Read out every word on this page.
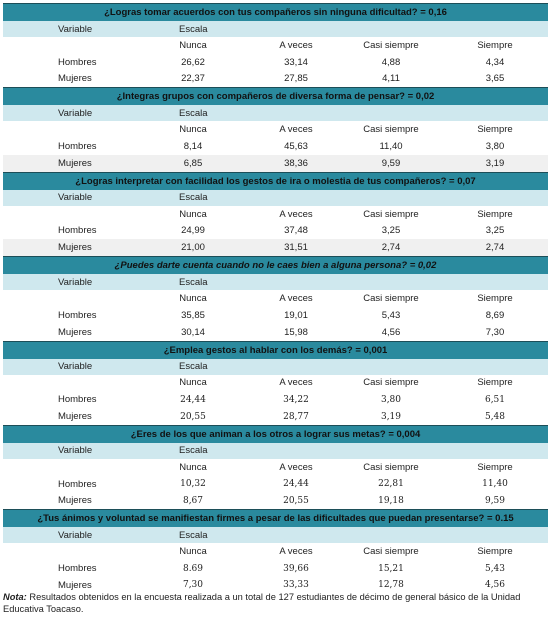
¿Logras tomar acuerdos con tus compañeros sin ninguna dificultad? = 0,16
Variable	Escala
Nunca	A veces	Casi siempre	Siempre
Hombres	26,62	33,14	4,88	4,34
Mujeres	22,37	27,85	4,11	3,65
¿Integras grupos con compañeros de diversa forma de pensar? = 0,02
Variable	Escala
Nunca	A veces	Casi siempre	Siempre
Hombres	8,14	45,63	11,40	3,80
Mujeres	6,85	38,36	9,59	3,19
¿Logras interpretar con facilidad los gestos de ira o molestia de tus compañeros? = 0,07
Variable	Escala
Nunca	A veces	Casi siempre	Siempre
Hombres	24,99	37,48	3,25	3,25
Mujeres	21,00	31,51	2,74	2,74
¿Puedes darte cuenta cuando no le caes bien a alguna persona? = 0,02
Variable	Escala
Nunca	A veces	Casi siempre	Siempre
Hombres	35,85	19,01	5,43	8,69
Mujeres	30,14	15,98	4,56	7,30
¿Emplea gestos al hablar con los demás? = 0,001
Variable	Escala
Nunca	A veces	Casi siempre	Siempre
Hombres	24,44	34,22	3,80	6,51
Mujeres	20,55	28,77	3,19	5,48
¿Eres de los que animan a los otros a lograr sus metas? = 0,004
Variable	Escala
Nunca	A veces	Casi siempre	Siempre
Hombres	10,32	24,44	22,81	11,40
Mujeres	8,67	20,55	19,18	9,59
¿Tus ánimos y voluntad se manifiestan firmes a pesar de las dificultades que puedan presentarse? = 0.15
Variable	Escala
Nunca	A veces	Casi siempre	Siempre
Hombres	8.69	39,66	15,21	5,43
Mujeres	7,30	33,33	12,78	4,56
Nota: Resultados obtenidos en la encuesta realizada a un total de 127 estudiantes de décimo de general básico de la Unidad Educativa Toacaso.
